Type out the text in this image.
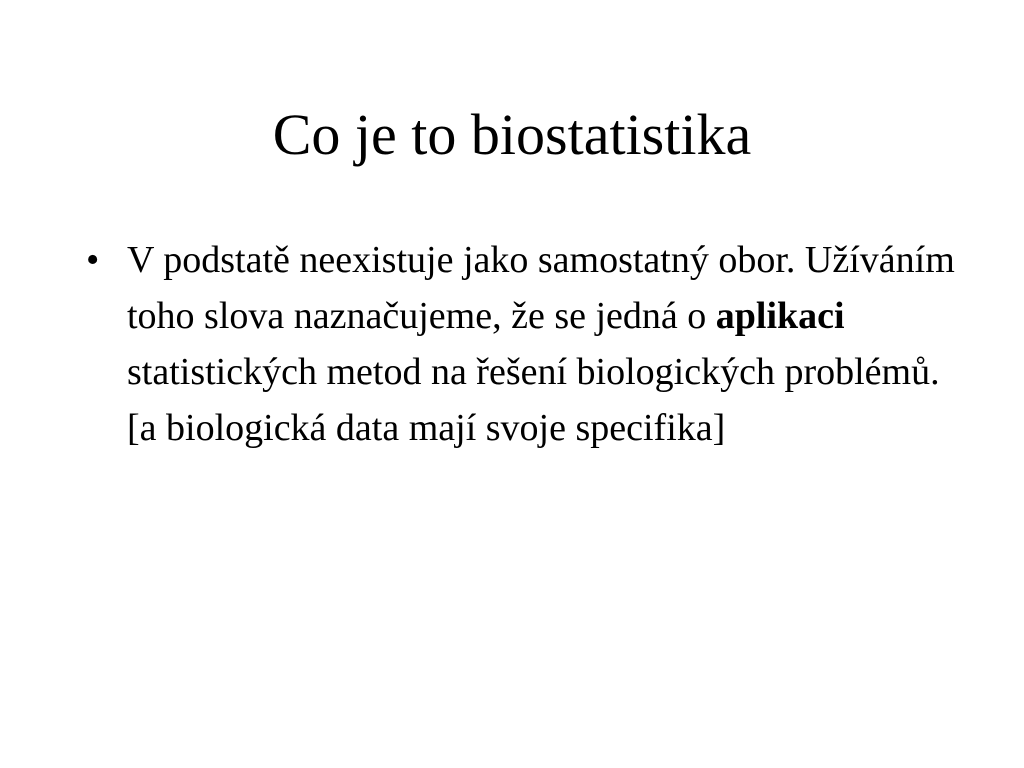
Co je to biostatistika
• V podstatě neexistuje jako samostatný obor. Užíváním toho slova naznačujeme, že se jedná o aplikaci statistických metod na řešení biologických problémů. [a biologická data mají svoje specifika]
